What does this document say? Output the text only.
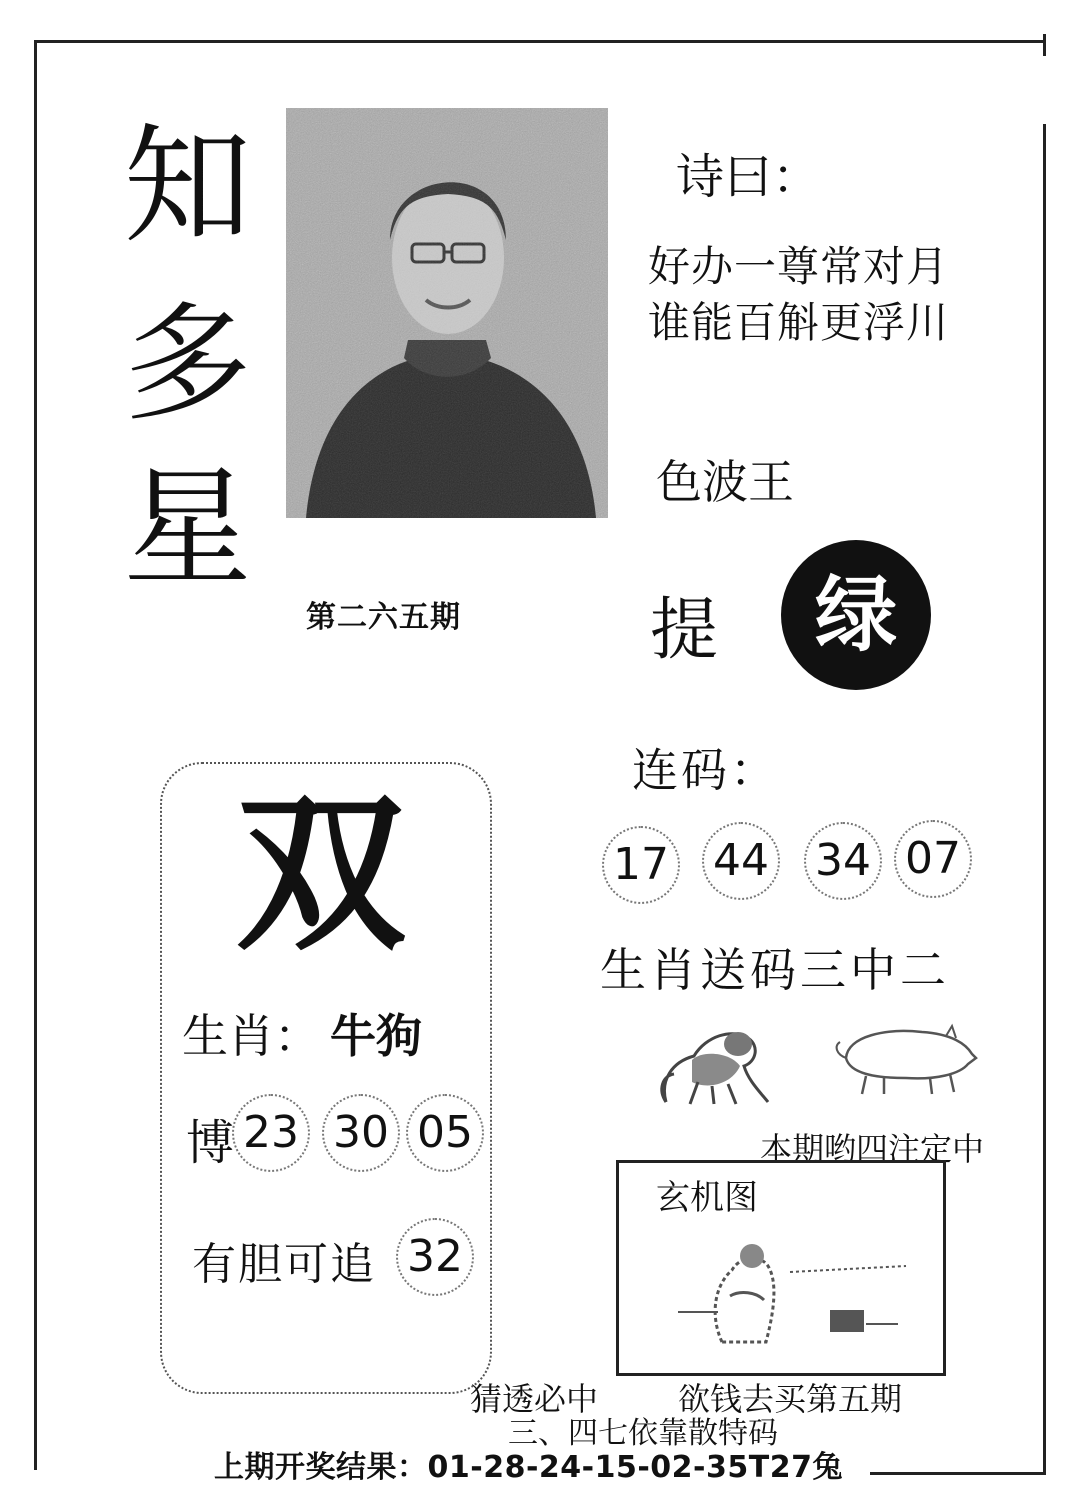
知
多
星
第二六五期
诗曰：
好办一尊常对月
谁能百斛更浮川
色波王
提	绿
连码：
17 44 34 07
生肖送码三中二
本期哟四注定中
双
生肖： 牛狗
博 23 30 05
有胆可追 32
玄机图
猜透必中 欲钱去买第五期
三、四七依靠散特码
上期开奖结果：01-28-24-15-02-35T27兔
